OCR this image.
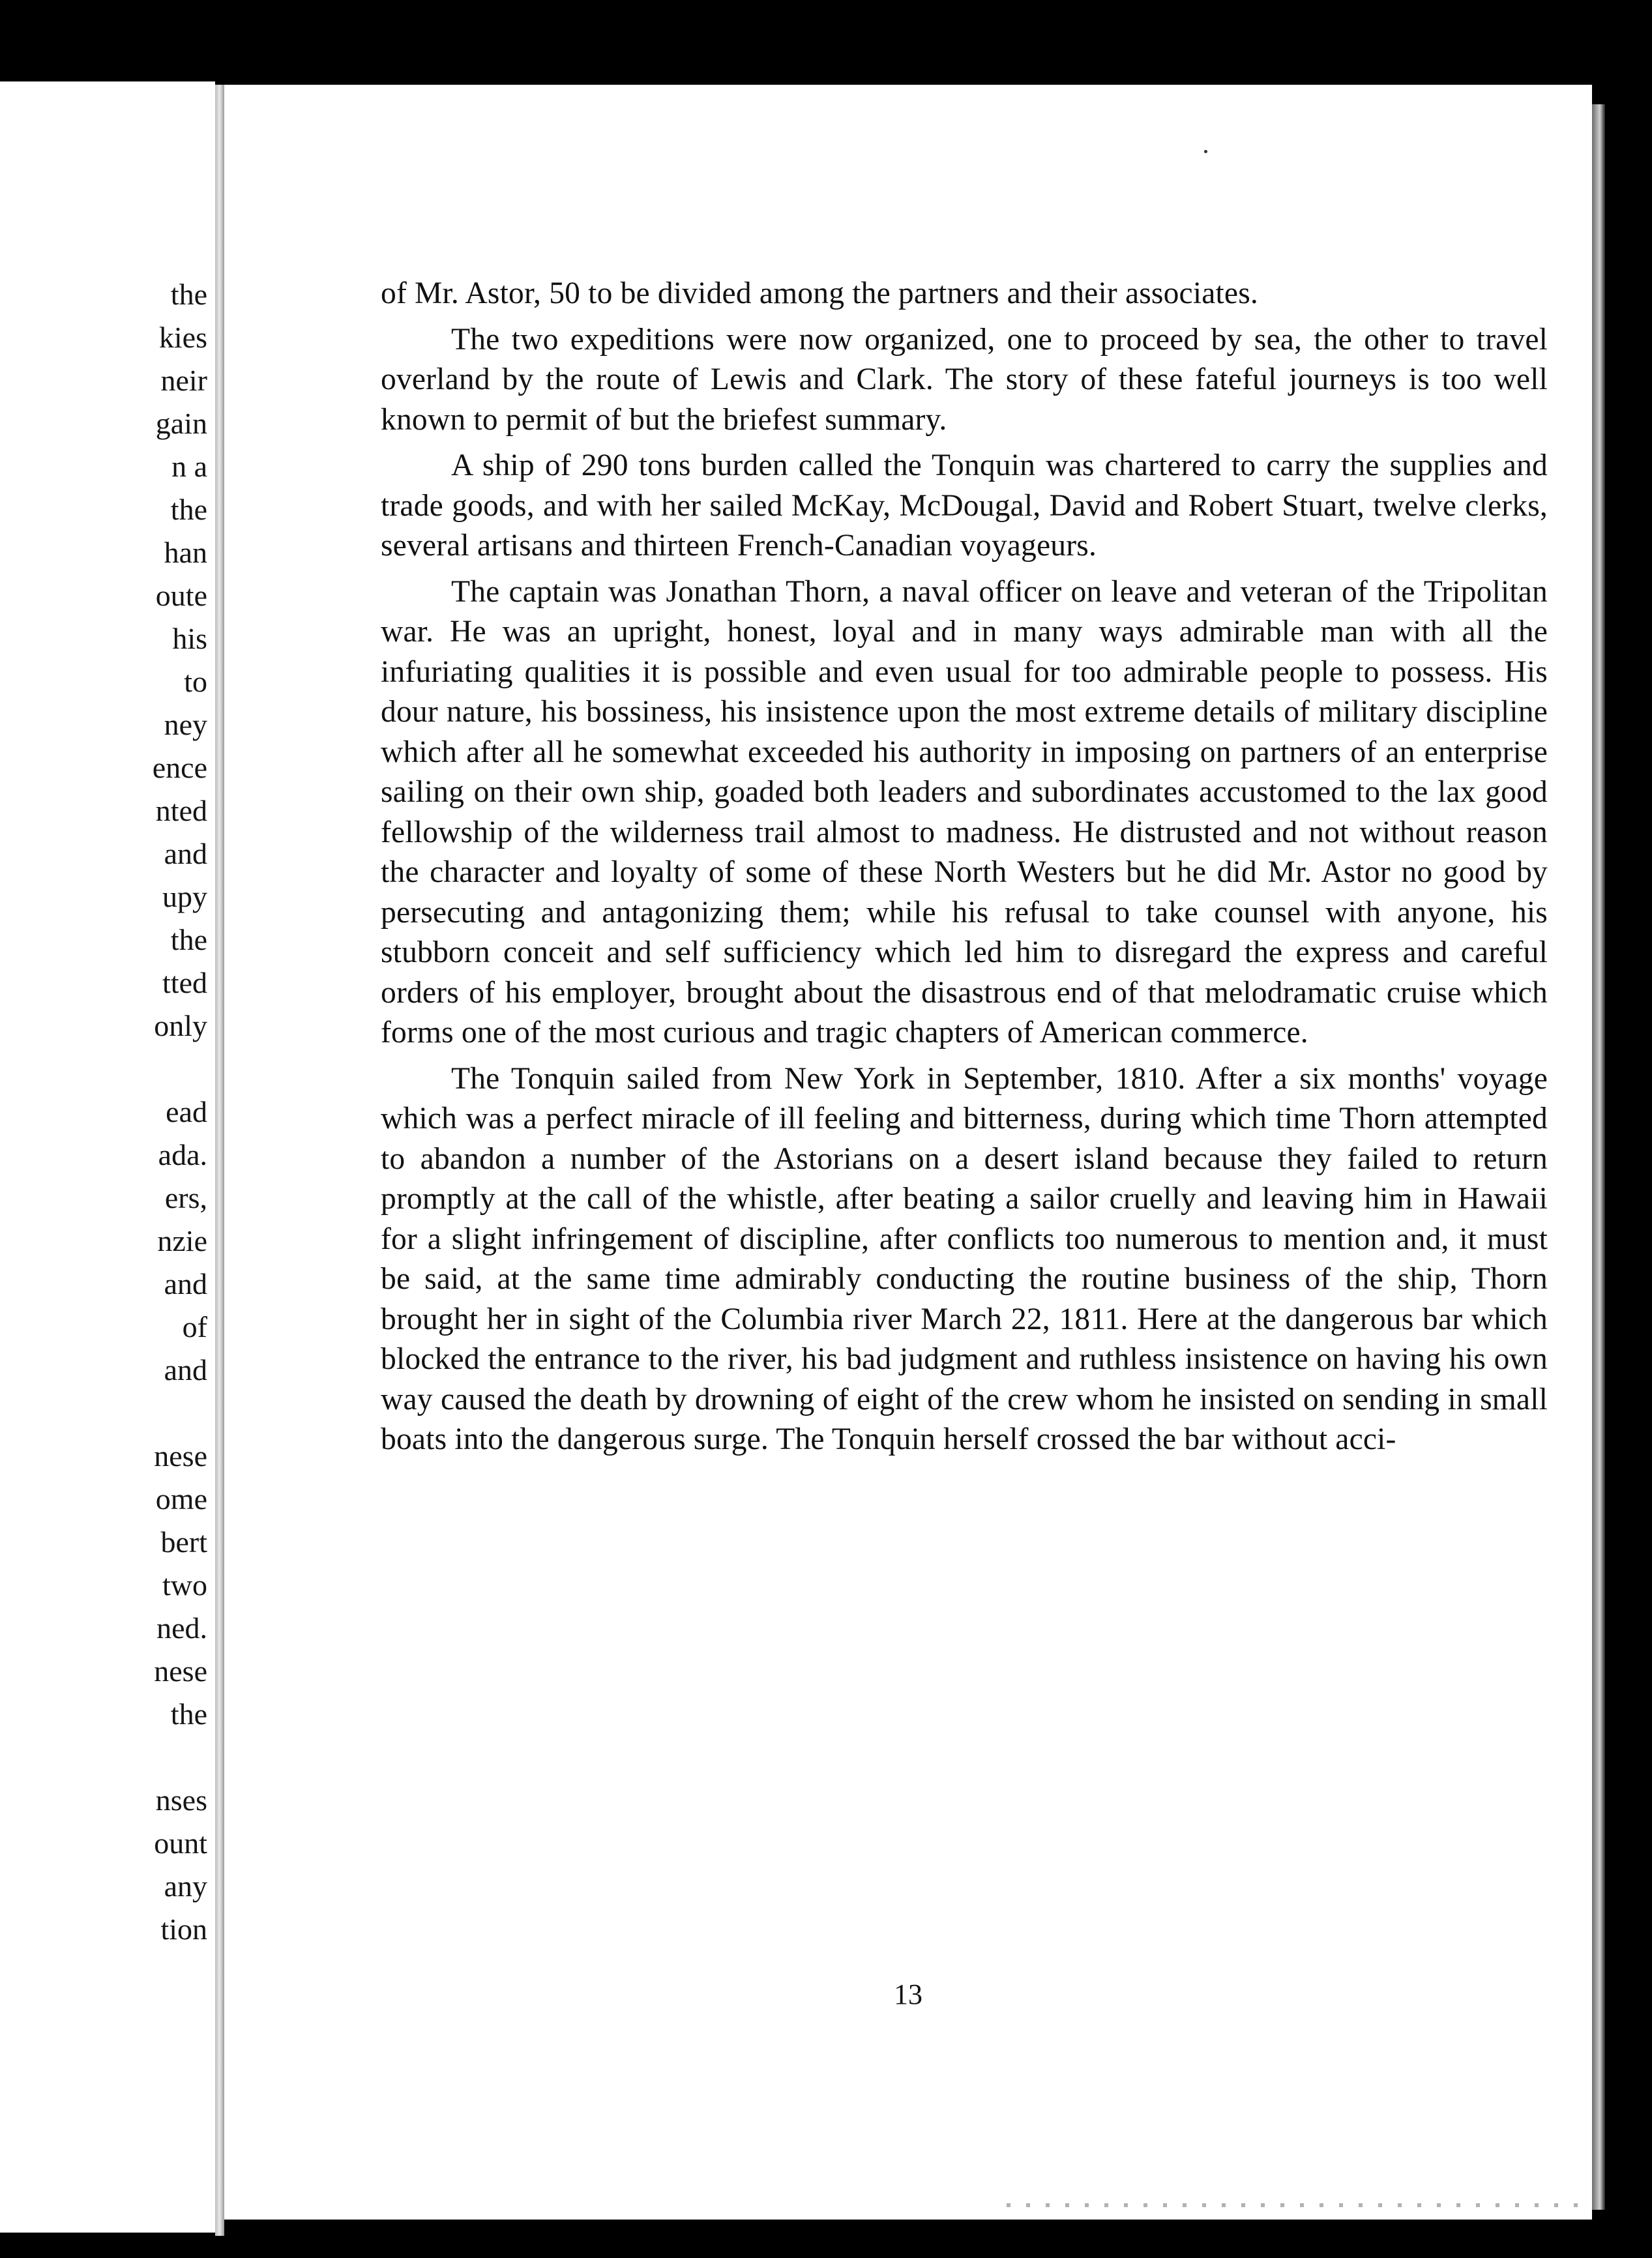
the
kies
neir
gain
n a
the
han
oute
his
to
ney
ence
nted
and
upy
the
tted
only
ead
ada.
ers,
nzie
and
of
and
nese
ome
bert
two
ned.
nese
the
nses
ount
any
tion

of Mr. Astor, 50 to be divided among the partners and their associates.

The two expeditions were now organized, one to proceed by sea, the other to travel overland by the route of Lewis and Clark. The story of these fateful journeys is too well known to permit of but the briefest summary.

A ship of 290 tons burden called the Tonquin was chartered to carry the supplies and trade goods, and with her sailed McKay, McDougal, David and Robert Stuart, twelve clerks, several artisans and thirteen French-Canadian voyageurs.

The captain was Jonathan Thorn, a naval officer on leave and veteran of the Tripolitan war. He was an upright, honest, loyal and in many ways admirable man with all the infuriating qualities it is possible and even usual for too admirable people to possess. His dour nature, his bossiness, his insistence upon the most extreme details of military discipline which after all he somewhat exceeded his authority in imposing on partners of an enterprise sailing on their own ship, goaded both leaders and subordinates accustomed to the lax good fellowship of the wilderness trail almost to madness. He distrusted and not without reason the character and loyalty of some of these North Westers but he did Mr. Astor no good by persecuting and antagonizing them; while his refusal to take counsel with anyone, his stubborn conceit and self sufficiency which led him to disregard the express and careful orders of his employer, brought about the disastrous end of that melodramatic cruise which forms one of the most curious and tragic chapters of American commerce.

The Tonquin sailed from New York in September, 1810. After a six months' voyage which was a perfect miracle of ill feeling and bitterness, during which time Thorn attempted to abandon a number of the Astorians on a desert island because they failed to return promptly at the call of the whistle, after beating a sailor cruelly and leaving him in Hawaii for a slight infringement of discipline, after conflicts too numerous to mention and, it must be said, at the same time admirably conducting the routine business of the ship, Thorn brought her in sight of the Columbia river March 22, 1811. Here at the dangerous bar which blocked the entrance to the river, his bad judgment and ruthless insistence on having his own way caused the death by drowning of eight of the crew whom he insisted on sending in small boats into the dangerous surge. The Tonquin herself crossed the bar without acci-

13
